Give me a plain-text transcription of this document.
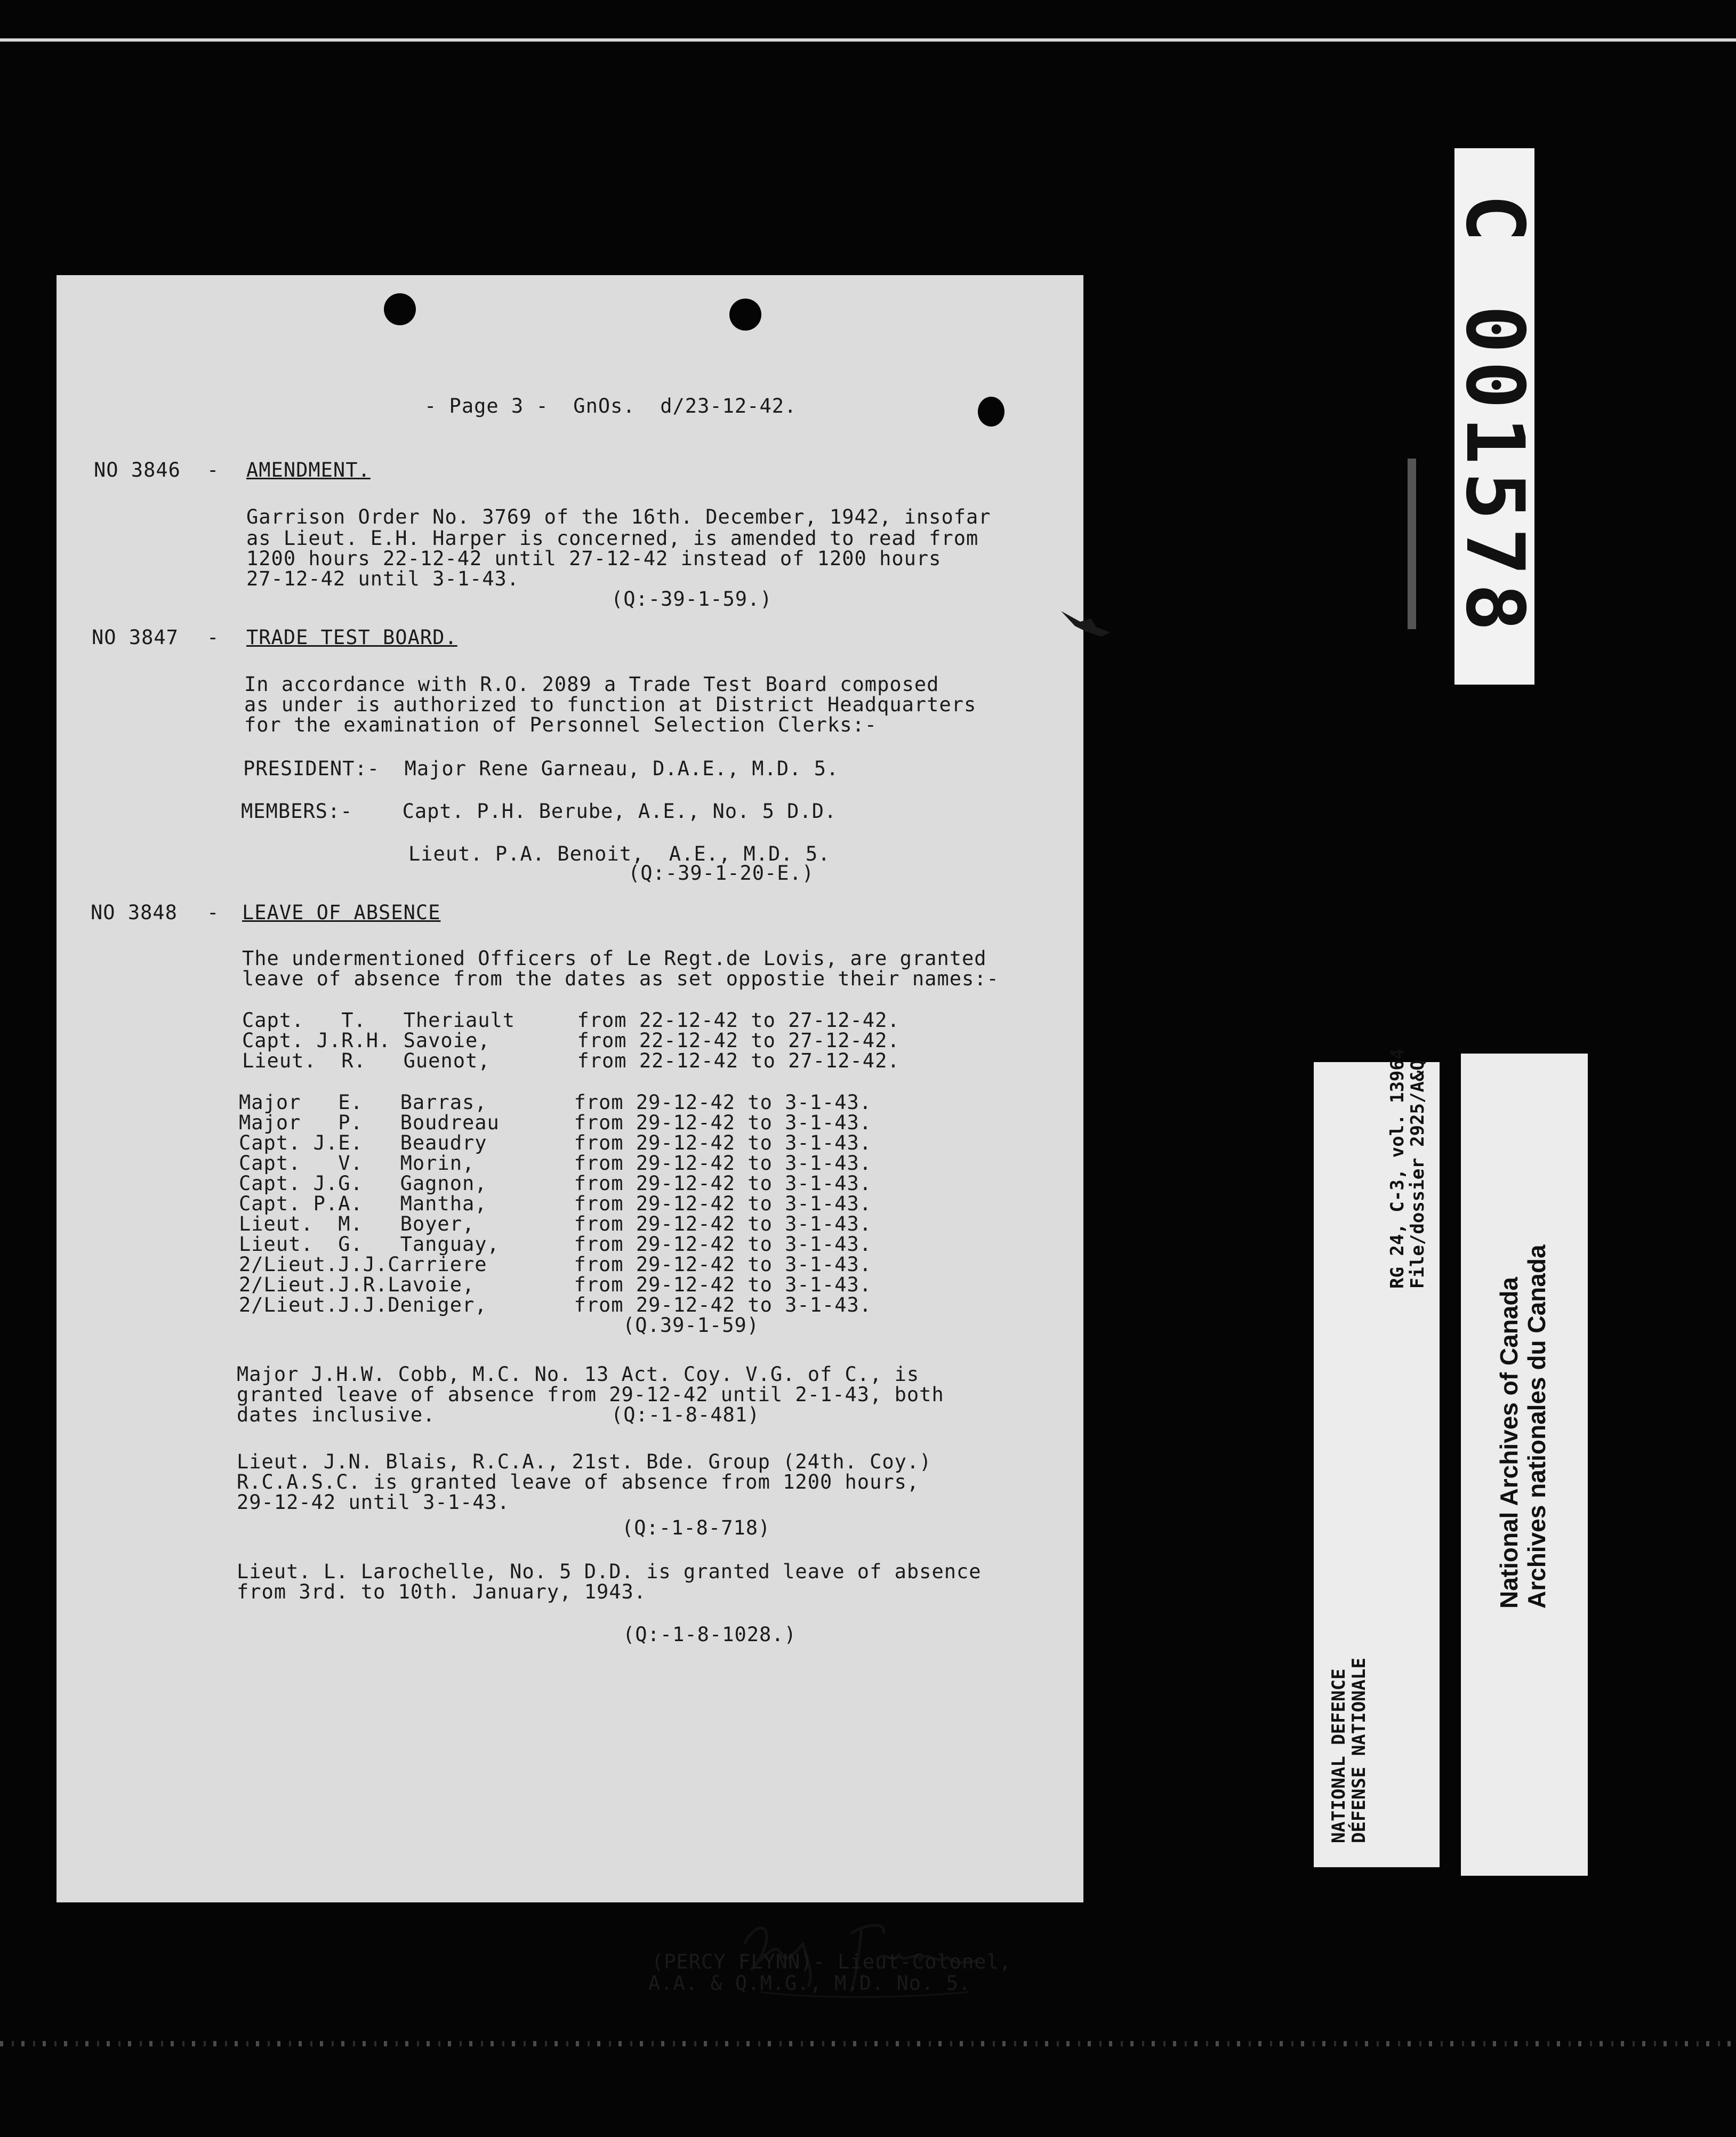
- Page 3 -  GnOs.  d/23-12-42.
NO 3846 - AMENDMENT.
Garrison Order No. 3769 of the 16th. December, 1942, insofar
as Lieut. E.H. Harper is concerned, is amended to read from
1200 hours 22-12-42 until 27-12-42 instead of 1200 hours
27-12-42 until 3-1-43.
(Q:-39-1-59.)
NO 3847 - TRADE TEST BOARD.
In accordance with R.O. 2089 a Trade Test Board composed
as under is authorized to function at District Headquarters
for the examination of Personnel Selection Clerks:-
PRESIDENT:-  Major Rene Garneau, D.A.E., M.D. 5.
MEMBERS:-    Capt. P.H. Berube, A.E., No. 5 D.D.
Lieut. P.A. Benoit,  A.E., M.D. 5.
(Q:-39-1-20-E.)
NO 3848 - LEAVE OF ABSENCE
The undermentioned Officers of Le Regt.de Lovis, are granted
leave of absence from the dates as set oppostie their names:-
Capt.   T.   Theriault     from 22-12-42 to 27-12-42.
Capt. J.R.H. Savoie,       from 22-12-42 to 27-12-42.
Lieut.  R.   Guenot,       from 22-12-42 to 27-12-42.
Major   E.   Barras,       from 29-12-42 to 3-1-43.
Major   P.   Boudreau      from 29-12-42 to 3-1-43.
Capt. J.E.   Beaudry       from 29-12-42 to 3-1-43.
Capt.   V.   Morin,        from 29-12-42 to 3-1-43.
Capt. J.G.   Gagnon,       from 29-12-42 to 3-1-43.
Capt. P.A.   Mantha,       from 29-12-42 to 3-1-43.
Lieut.  M.   Boyer,        from 29-12-42 to 3-1-43.
Lieut.  G.   Tanguay,      from 29-12-42 to 3-1-43.
2/Lieut.J.J.Carriere       from 29-12-42 to 3-1-43.
2/Lieut.J.R.Lavoie,        from 29-12-42 to 3-1-43.
2/Lieut.J.J.Deniger,       from 29-12-42 to 3-1-43.
(Q.39-1-59)
Major J.H.W. Cobb, M.C. No. 13 Act. Coy. V.G. of C., is
granted leave of absence from 29-12-42 until 2-1-43, both
dates inclusive.	(Q:-1-8-481)
Lieut. J.N. Blais, R.C.A., 21st. Bde. Group (24th. Coy.)
R.C.A.S.C. is granted leave of absence from 1200 hours,
29-12-42 until 3-1-43.
(Q:-1-8-718)
Lieut. L. Larochelle, No. 5 D.D. is granted leave of absence
from 3rd. to 10th. January, 1943.
(Q:-1-8-1028.)
(PERCY FLYNN)- Lieut-Colonel,
A.A. & Q.M.G., M.D. No. 5.
C 001578
NATIONAL DEFENCE
DÉFENSE NATIONALE
RG 24, C-3, vol. 13964
File/dossier 2925/A&Q
National Archives of Canada Archives nationales du Canada
